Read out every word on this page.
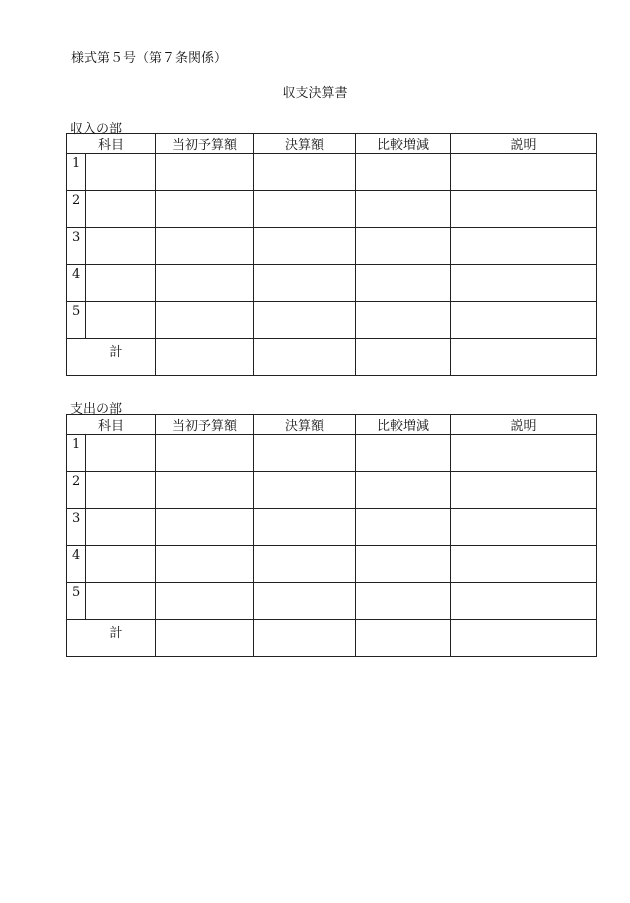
様式第５号（第７条関係）
収支決算書
収入の部
科目		当初予算額	決算額	比較増減	説明
1					
2					
3					
4					
5					
計					
支出の部
科目		当初予算額	決算額	比較増減	説明
1					
2					
3					
4					
5					
計					
